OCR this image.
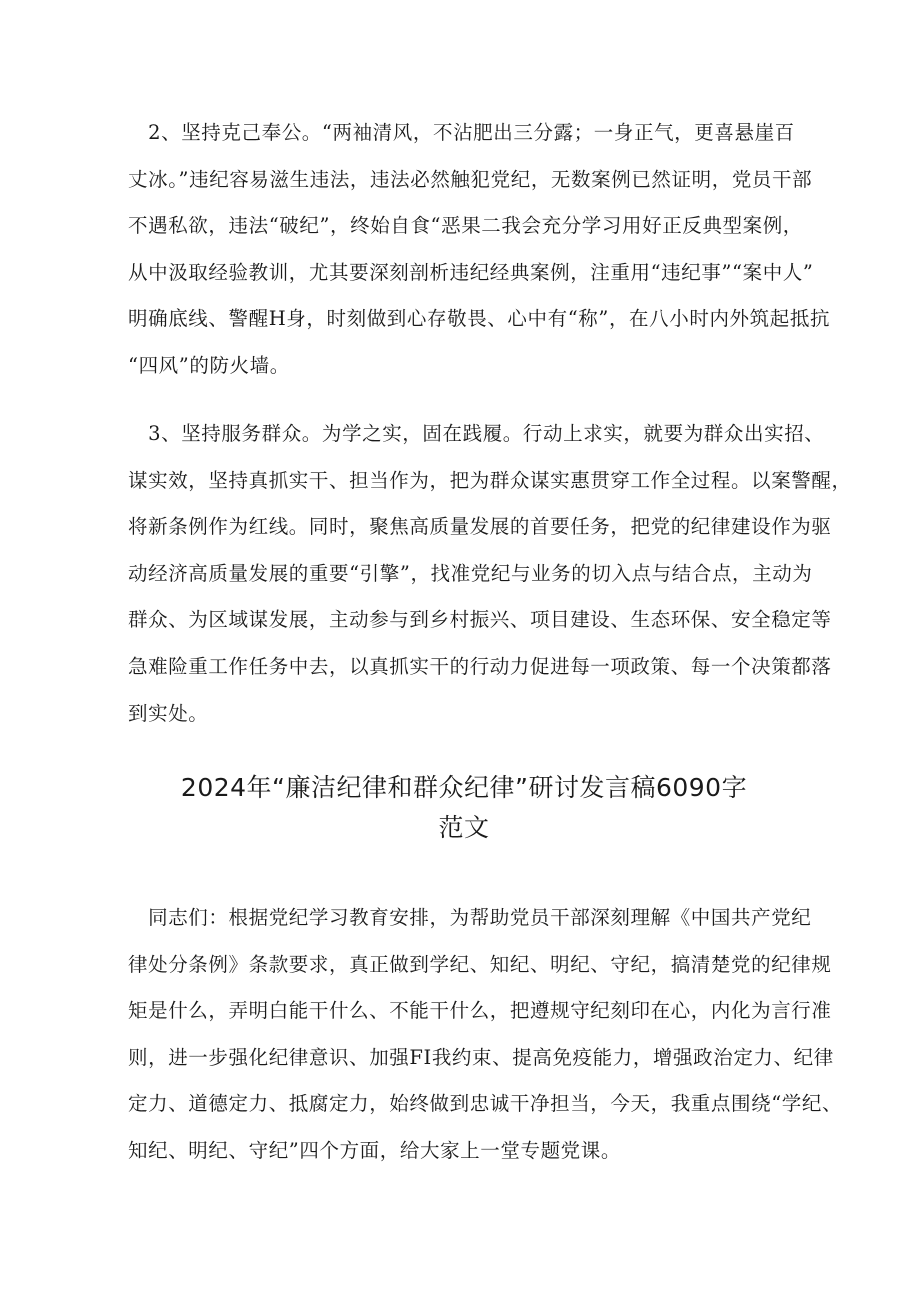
　2、坚持克己奉公。“两袖清风，不沾肥出三分露；一身正气，更喜悬崖百
丈冰。”违纪容易滋生违法，违法必然触犯党纪，无数案例已然证明，党员干部
不遇私欲，违法“破纪”，终始自食“恶果二我会充分学习用好正反典型案例，
从中汲取经验教训，尤其要深刻剖析违纪经典案例，注重用“违纪事”“案中人”
明确底线、警醒H身，时刻做到心存敬畏、心中有“称”，在八小时内外筑起抵抗
“四风”的防火墙。

　3、坚持服务群众。为学之实，固在践履。行动上求实，就要为群众出实招、
谋实效，坚持真抓实干、担当作为，把为群众谋实惠贯穿工作全过程。以案警醒，
将新条例作为红线。同时，聚焦高质量发展的首要任务，把党的纪律建设作为驱
动经济高质量发展的重要“引擎”，找准党纪与业务的切入点与结合点，主动为
群众、为区域谋发展，主动参与到乡村振兴、项目建设、生态环保、安全稳定等
急难险重工作任务中去，以真抓实干的行动力促进每一项政策、每一个决策都落
到实处。

2024年“廉洁纪律和群众纪律”研讨发言稿6090字
范文

　同志们：根据党纪学习教育安排，为帮助党员干部深刻理解《中国共产党纪
律处分条例》条款要求，真正做到学纪、知纪、明纪、守纪，搞清楚党的纪律规
矩是什么，弄明白能干什么、不能干什么，把遵规守纪刻印在心，内化为言行准
则，进一步强化纪律意识、加强FI我约束、提高免疫能力，增强政治定力、纪律
定力、道德定力、抵腐定力，始终做到忠诚干净担当，今天，我重点围绕“学纪、
知纪、明纪、守纪”四个方面，给大家上一堂专题党课。
